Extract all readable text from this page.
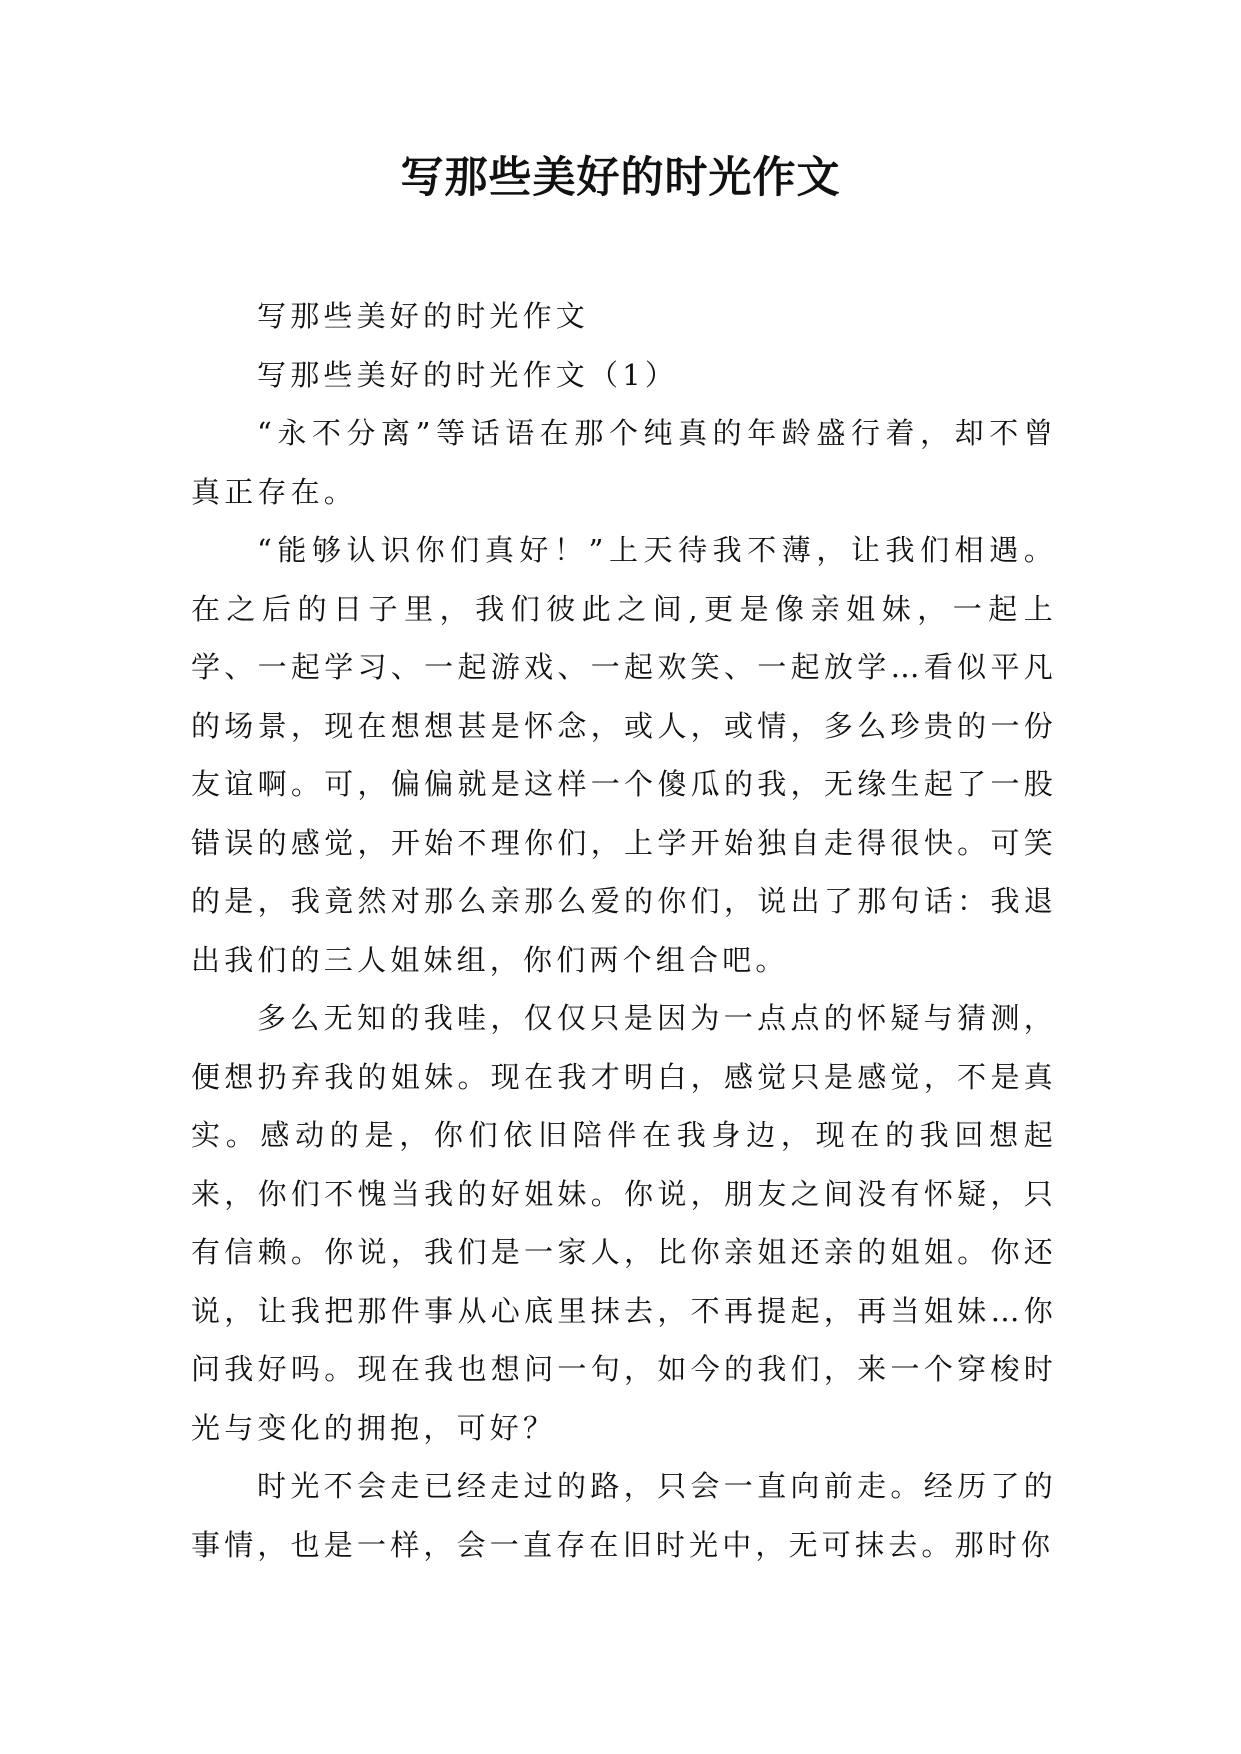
写那些美好的时光作文

写那些美好的时光作文

写那些美好的时光作文（1）

“永不分离”等话语在那个纯真的年龄盛行着，却不曾真正存在。

“能够认识你们真好！”上天待我不薄，让我们相遇。在之后的日子里，我们彼此之间,更是像亲姐妹，一起上学、一起学习、一起游戏、一起欢笑、一起放学…看似平凡的场景，现在想想甚是怀念，或人，或情，多么珍贵的一份友谊啊。可，偏偏就是这样一个傻瓜的我，无缘生起了一股错误的感觉，开始不理你们，上学开始独自走得很快。可笑的是，我竟然对那么亲那么爱的你们，说出了那句话：我退出我们的三人姐妹组，你们两个组合吧。

多么无知的我哇，仅仅只是因为一点点的怀疑与猜测，便想扔弃我的姐妹。现在我才明白，感觉只是感觉，不是真实。感动的是，你们依旧陪伴在我身边，现在的我回想起来，你们不愧当我的好姐妹。你说，朋友之间没有怀疑，只有信赖。你说，我们是一家人，比你亲姐还亲的姐姐。你还说，让我把那件事从心底里抹去，不再提起，再当姐妹…你问我好吗。现在我也想问一句，如今的我们，来一个穿梭时光与变化的拥抱，可好？

时光不会走已经走过的路，只会一直向前走。经历了的事情，也是一样，会一直存在旧时光中，无可抹去。那时你
